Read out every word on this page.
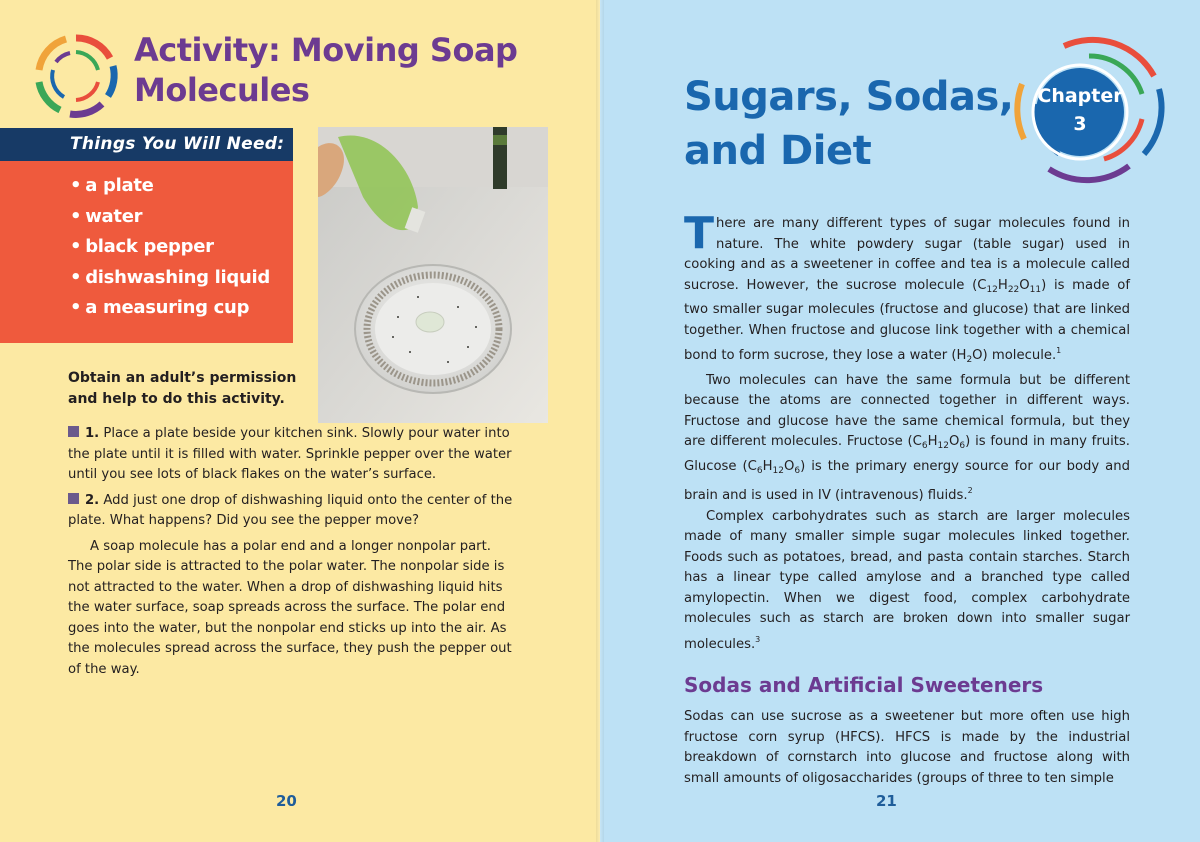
Activity: Moving Soap Molecules
Things You Will Need:
• a plate
• water
• black pepper
• dishwashing liquid
• a measuring cup
Obtain an adult’s permission and help to do this activity.

1. Place a plate beside your kitchen sink. Slowly pour water into the plate until it is filled with water. Sprinkle pepper over the water until you see lots of black flakes on the water’s surface.

2. Add just one drop of dishwashing liquid onto the center of the plate. What happens? Did you see the pepper move?

A soap molecule has a polar end and a longer nonpolar part. The polar side is attracted to the polar water. The nonpolar side is not attracted to the water. When a drop of dishwashing liquid hits the water surface, soap spreads across the surface. The polar end goes into the water, but the nonpolar end sticks up into the air. As the molecules spread across the surface, they push the pepper out of the way.

20
Sugars, Sodas, and Diet
Chapter
3

There are many different types of sugar molecules found in nature. The white powdery sugar (table sugar) used in cooking and as a sweetener in coffee and tea is a molecule called sucrose. However, the sucrose molecule $(C_{12}H_{22}O_{11})$ is made of two smaller sugar molecules (fructose and glucose) that are linked together. When fructose and glucose link together with a chemical bond to form sucrose, they lose a water $(H_2O)$ molecule.$^1$

Two molecules can have the same formula but be different because the atoms are connected together in different ways. Fructose and glucose have the same chemical formula, but they are different molecules. Fructose $(C_6H_{12}O_6)$ is found in many fruits. Glucose $(C_6H_{12}O_6)$ is the primary energy source for our body and brain and is used in IV (intravenous) fluids.$^2$

Complex carbohydrates such as starch are larger molecules made of many smaller simple sugar molecules linked together. Foods such as potatoes, bread, and pasta contain starches. Starch has a linear type called amylose and a branched type called amylopectin. When we digest food, complex carbohydrate molecules such as starch are broken down into smaller sugar molecules.$^3$

Sodas and Artificial Sweeteners

Sodas can use sucrose as a sweetener but more often use high fructose corn syrup (HFCS). HFCS is made by the industrial breakdown of cornstarch into glucose and fructose along with small amounts of oligosaccharides (groups of three to ten simple

21
